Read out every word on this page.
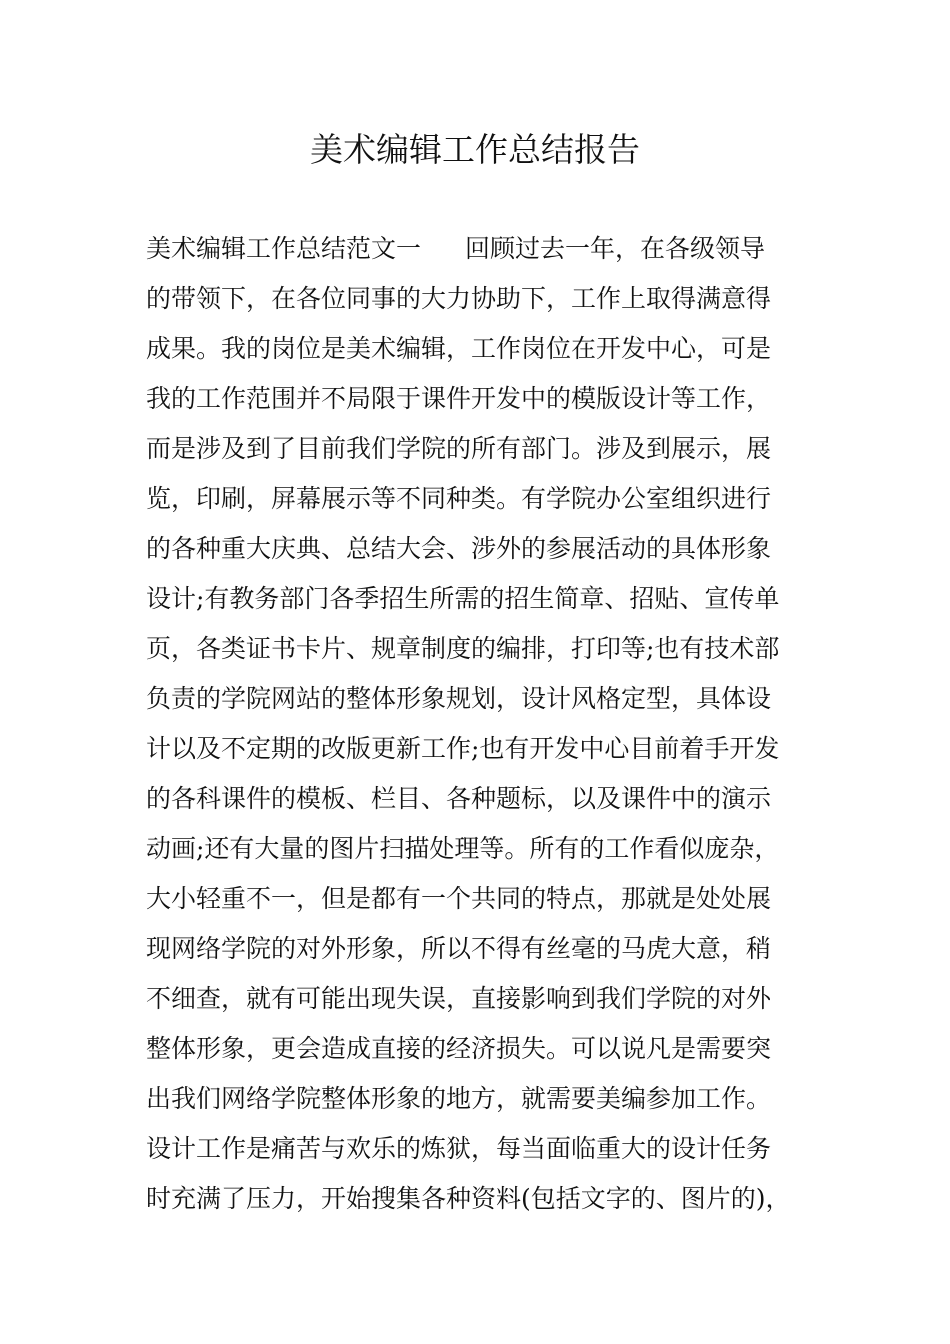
美术编辑工作总结报告
美术编辑工作总结范文一 回顾过去一年，在各级领导
的带领下，在各位同事的大力协助下，工作上取得满意得
成果。我的岗位是美术编辑，工作岗位在开发中心，可是
我的工作范围并不局限于课件开发中的模版设计等工作，
而是涉及到了目前我们学院的所有部门。涉及到展示，展
览，印刷，屏幕展示等不同种类。有学院办公室组织进行
的各种重大庆典、总结大会、涉外的参展活动的具体形象
设计;有教务部门各季招生所需的招生简章、招贴、宣传单
页，各类证书卡片、规章制度的编排，打印等;也有技术部
负责的学院网站的整体形象规划，设计风格定型，具体设
计以及不定期的改版更新工作;也有开发中心目前着手开发
的各科课件的模板、栏目、各种题标，以及课件中的演示
动画;还有大量的图片扫描处理等。所有的工作看似庞杂，
大小轻重不一，但是都有一个共同的特点，那就是处处展
现网络学院的对外形象，所以不得有丝毫的马虎大意，稍
不细查，就有可能出现失误，直接影响到我们学院的对外
整体形象，更会造成直接的经济损失。可以说凡是需要突
出我们网络学院整体形象的地方，就需要美编参加工作。
设计工作是痛苦与欢乐的炼狱，每当面临重大的设计任务
时充满了压力，开始搜集各种资料(包括文字的、图片的)，
